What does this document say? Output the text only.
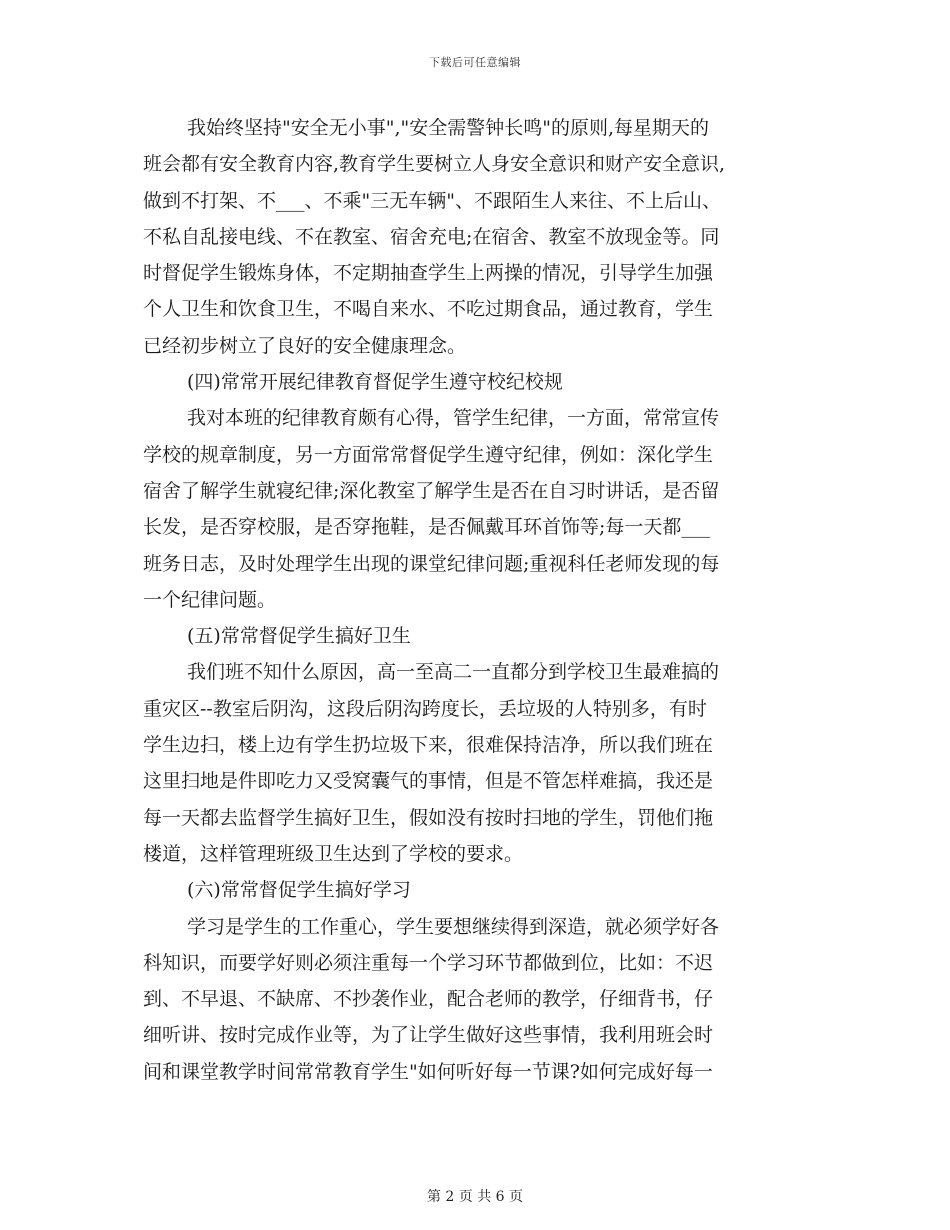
下载后可任意编辑
我始终坚持"安全无小事","安全需警钟长鸣"的原则,每星期天的
班会都有安全教育内容,教育学生要树立人身安全意识和财产安全意识,
做到不打架、不___、不乘"三无车辆"、不跟陌生人来往、不上后山、
不私自乱接电线、不在教室、宿舍充电;在宿舍、教室不放现金等。同
时督促学生锻炼身体，不定期抽查学生上两操的情况，引导学生加强
个人卫生和饮食卫生，不喝自来水、不吃过期食品，通过教育，学生
已经初步树立了良好的安全健康理念。
(四)常常开展纪律教育督促学生遵守校纪校规
我对本班的纪律教育颇有心得，管学生纪律，一方面，常常宣传
学校的规章制度，另一方面常常督促学生遵守纪律，例如：深化学生
宿舍了解学生就寝纪律;深化教室了解学生是否在自习时讲话，是否留
长发，是否穿校服，是否穿拖鞋，是否佩戴耳环首饰等;每一天都___
班务日志，及时处理学生出现的课堂纪律问题;重视科任老师发现的每
一个纪律问题。
(五)常常督促学生搞好卫生
我们班不知什么原因，高一至高二一直都分到学校卫生最难搞的
重灾区--教室后阴沟，这段后阴沟跨度长，丢垃圾的人特别多，有时
学生边扫，楼上边有学生扔垃圾下来，很难保持洁净，所以我们班在
这里扫地是件即吃力又受窝囊气的事情，但是不管怎样难搞，我还是
每一天都去监督学生搞好卫生，假如没有按时扫地的学生，罚他们拖
楼道，这样管理班级卫生达到了学校的要求。
(六)常常督促学生搞好学习
学习是学生的工作重心，学生要想继续得到深造，就必须学好各
科知识，而要学好则必须注重每一个学习环节都做到位，比如：不迟
到、不早退、不缺席、不抄袭作业，配合老师的教学，仔细背书，仔
细听讲、按时完成作业等，为了让学生做好这些事情，我利用班会时
间和课堂教学时间常常教育学生"如何听好每一节课?如何完成好每一
第 2 页 共 6 页
